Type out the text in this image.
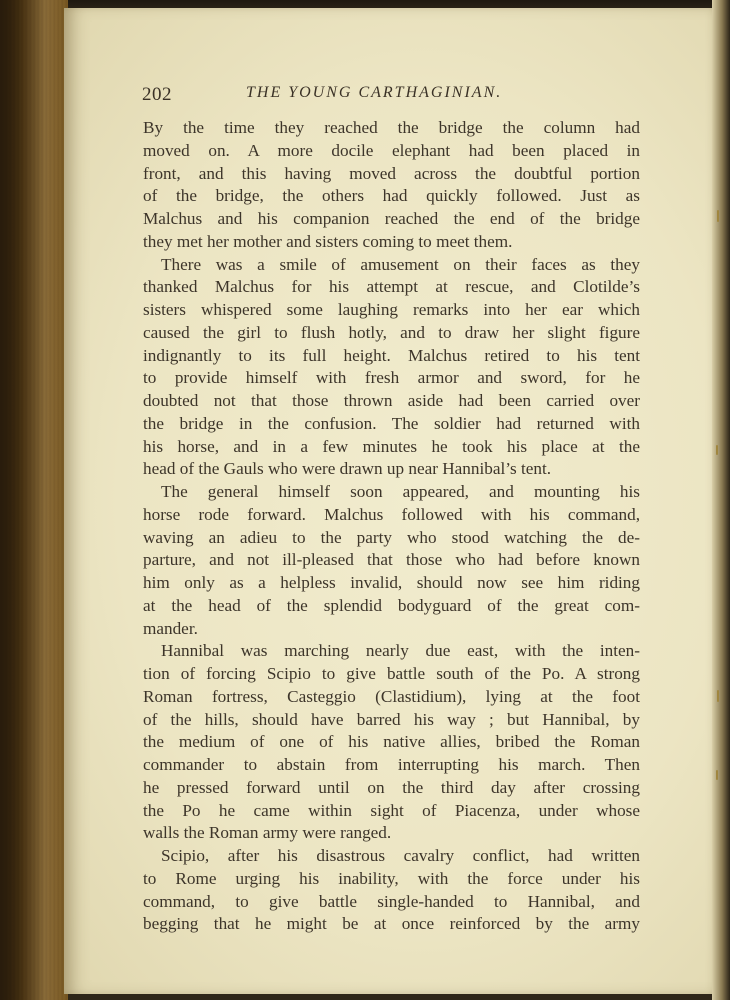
202	THE YOUNG CARTHAGINIAN.
By the time they reached the bridge the column had
moved on. A more docile elephant had been placed in
front, and this having moved across the doubtful portion
of the bridge, the others had quickly followed. Just as
Malchus and his companion reached the end of the bridge
they met her mother and sisters coming to meet them.
There was a smile of amusement on their faces as they
thanked Malchus for his attempt at rescue, and Clotilde’s
sisters whispered some laughing remarks into her ear which
caused the girl to flush hotly, and to draw her slight figure
indignantly to its full height. Malchus retired to his tent
to provide himself with fresh armor and sword, for he
doubted not that those thrown aside had been carried over
the bridge in the confusion. The soldier had returned with
his horse, and in a few minutes he took his place at the
head of the Gauls who were drawn up near Hannibal’s tent.
The general himself soon appeared, and mounting his
horse rode forward. Malchus followed with his command,
waving an adieu to the party who stood watching the de-
parture, and not ill-pleased that those who had before known
him only as a helpless invalid, should now see him riding
at the head of the splendid bodyguard of the great com-
mander.
Hannibal was marching nearly due east, with the inten-
tion of forcing Scipio to give battle south of the Po. A strong
Roman fortress, Casteggio (Clastidium), lying at the foot
of the hills, should have barred his way ; but Hannibal, by
the medium of one of his native allies, bribed the Roman
commander to abstain from interrupting his march. Then
he pressed forward until on the third day after crossing
the Po he came within sight of Piacenza, under whose
walls the Roman army were ranged.
Scipio, after his disastrous cavalry conflict, had written
to Rome urging his inability, with the force under his
command, to give battle single-handed to Hannibal, and
begging that he might be at once reinforced by the army
